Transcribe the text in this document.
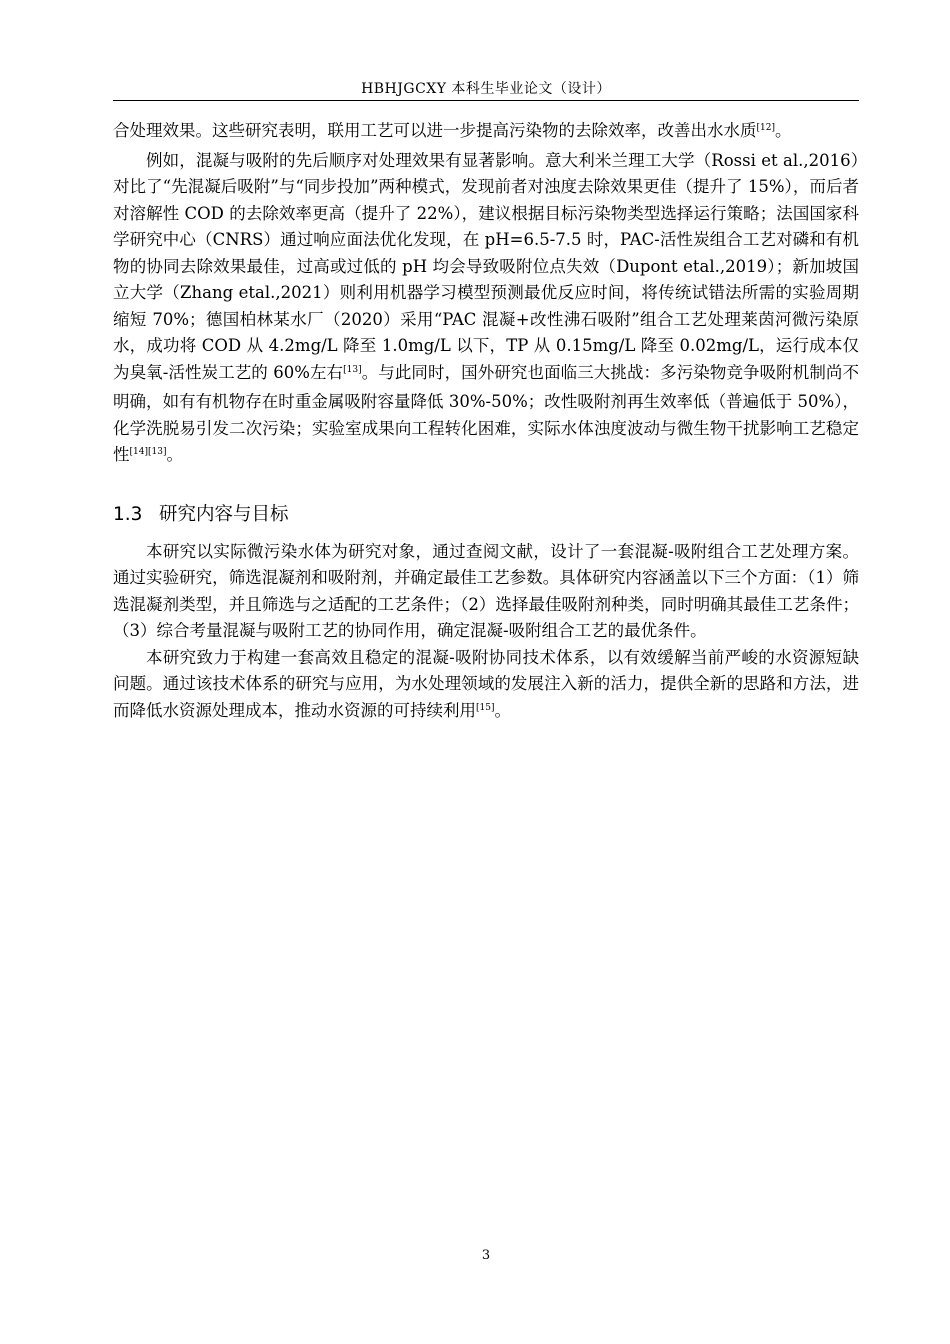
HBHJGCXY 本科生毕业论文（设计）

合处理效果。这些研究表明，联用工艺可以进一步提高污染物的去除效率，改善出水水质[12]。

例如，混凝与吸附的先后顺序对处理效果有显著影响。意大利米兰理工大学（Rossi et al.,2016）对比了“先混凝后吸附”与“同步投加”两种模式，发现前者对浊度去除效果更佳（提升了 15%），而后者对溶解性 COD 的去除效率更高（提升了 22%），建议根据目标污染物类型选择运行策略；法国国家科学研究中心（CNRS）通过响应面法优化发现，在 pH=6.5-7.5 时，PAC-活性炭组合工艺对磷和有机物的协同去除效果最佳，过高或过低的 pH 均会导致吸附位点失效（Dupont etal.,2019）；新加坡国立大学（Zhang etal.,2021）则利用机器学习模型预测最优反应时间，将传统试错法所需的实验周期缩短 70%；德国柏林某水厂（2020）采用“PAC 混凝+改性沸石吸附”组合工艺处理莱茵河微污染原水，成功将 COD 从 4.2mg/L 降至 1.0mg/L 以下，TP 从 0.15mg/L 降至 0.02mg/L，运行成本仅为臭氧-活性炭工艺的 60%左右[13]。与此同时，国外研究也面临三大挑战：多污染物竞争吸附机制尚不明确，如有有机物存在时重金属吸附容量降低 30%-50%；改性吸附剂再生效率低（普遍低于 50%），化学洗脱易引发二次污染；实验室成果向工程转化困难，实际水体浊度波动与微生物干扰影响工艺稳定性[14][13]。

1.3 研究内容与目标

本研究以实际微污染水体为研究对象，通过查阅文献，设计了一套混凝-吸附组合工艺处理方案。通过实验研究，筛选混凝剂和吸附剂，并确定最佳工艺参数。具体研究内容涵盖以下三个方面：（1）筛选混凝剂类型，并且筛选与之适配的工艺条件；（2）选择最佳吸附剂种类，同时明确其最佳工艺条件；（3）综合考量混凝与吸附工艺的协同作用，确定混凝-吸附组合工艺的最优条件。

本研究致力于构建一套高效且稳定的混凝-吸附协同技术体系，以有效缓解当前严峻的水资源短缺问题。通过该技术体系的研究与应用，为水处理领域的发展注入新的活力，提供全新的思路和方法，进而降低水资源处理成本，推动水资源的可持续利用[15]。

3
